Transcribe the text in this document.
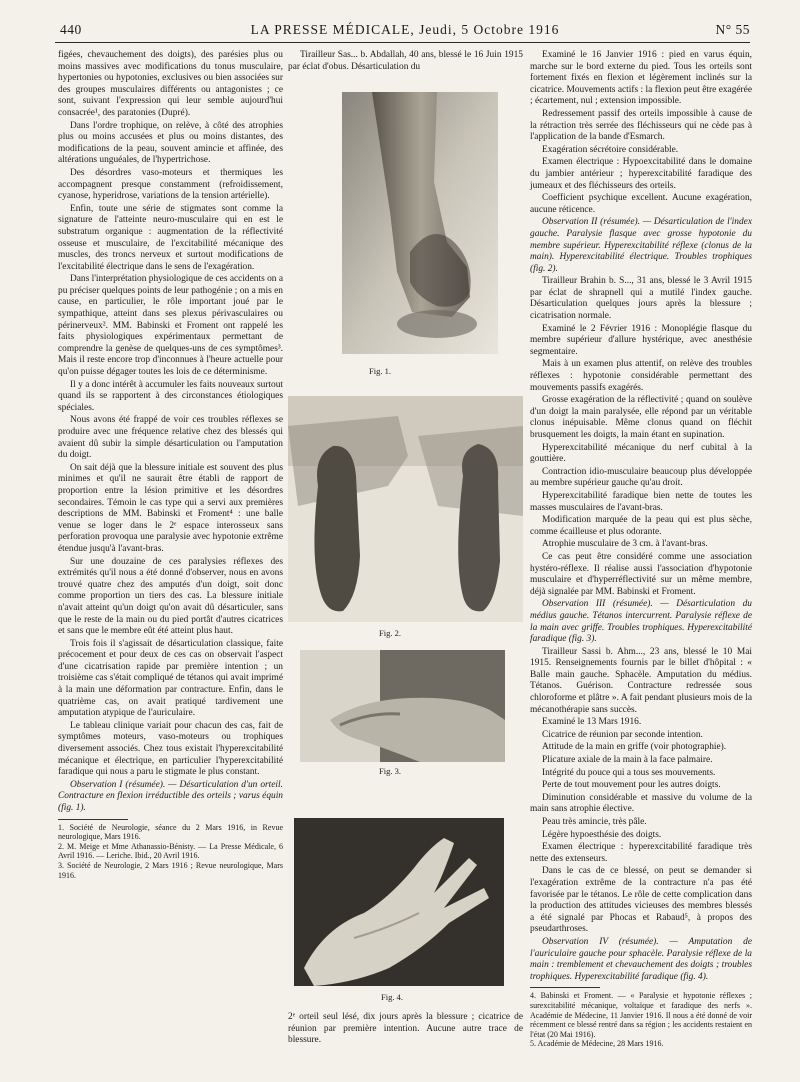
440	LA PRESSE MÉDICALE, Jeudi, 5 Octobre 1916	N° 55

figées, chevauchement des doigts), des parésies plus ou moins massives avec modifications du tonus musculaire, hypertonies ou hypotonies, exclusives ou bien associées sur des groupes musculaires différents ou antagonistes ; ce sont, suivant l'expression qui leur semble aujourd'hui consacrée¹, des paratonies (Dupré).

Dans l'ordre trophique, on relève, à côté des atrophies plus ou moins accusées et plus ou moins distantes, des modifications de la peau, souvent amincie et affinée, des altérations unguéales, de l'hypertrichose.

Des désordres vaso-moteurs et thermiques les accompagnent presque constamment (refroidissement, cyanose, hyperidrose, variations de la tension artérielle).

Enfin, toute une série de stigmates sont comme la signature de l'atteinte neuro-musculaire qui en est le substratum organique : augmentation de la réflectivité osseuse et musculaire, de l'excitabilité mécanique des muscles, des troncs nerveux et surtout modifications de l'excitabilité électrique dans le sens de l'exagération.

Dans l'interprétation physiologique de ces accidents on a pu préciser quelques points de leur pathogénie ; on a mis en cause, en particulier, le rôle important joué par le sympathique, atteint dans ses plexus périvasculaires ou périnerveux². MM. Babinski et Froment ont rappelé les faits physiologiques expérimentaux permettant de comprendre la genèse de quelques-uns de ces symptômes³. Mais il reste encore trop d'inconnues à l'heure actuelle pour qu'on puisse dégager toutes les lois de ce déterminisme.

Il y a donc intérêt à accumuler les faits nouveaux surtout quand ils se rapportent à des circonstances étiologiques spéciales.

Nous avons été frappé de voir ces troubles réflexes se produire avec une fréquence relative chez des blessés qui avaient dû subir la simple désarticulation ou l'amputation du doigt.

On sait déjà que la blessure initiale est souvent des plus minimes et qu'il ne saurait être établi de rapport de proportion entre la lésion primitive et les désordres secondaires. Témoin le cas type qui a servi aux premières descriptions de MM. Babinski et Froment⁴ : une balle venue se loger dans le 2ᵉ espace interosseux sans perforation provoqua une paralysie avec hypotonie extrême étendue jusqu'à l'avant-bras.

Sur une douzaine de ces paralysies réflexes des extrémités qu'il nous a été donné d'observer, nous en avons trouvé quatre chez des amputés d'un doigt, soit donc comme proportion un tiers des cas. La blessure initiale n'avait atteint qu'un doigt qu'on avait dû désarticuler, sans que le reste de la main ou du pied portât d'autres cicatrices et sans que le membre eût été atteint plus haut.

Trois fois il s'agissait de désarticulation classique, faite précocement et pour deux de ces cas on observait l'aspect d'une cicatrisation rapide par première intention ; un troisième cas s'était compliqué de tétanos qui avait imprimé à la main une déformation par contracture. Enfin, dans le quatrième cas, on avait pratiqué tardivement une amputation atypique de l'auriculaire.

Le tableau clinique variait pour chacun des cas, fait de symptômes moteurs, vaso-moteurs ou trophiques diversement associés. Chez tous existait l'hyperexcitabilité mécanique et électrique, en particulier l'hyperexcitabilité faradique qui nous a paru le stigmate le plus constant.

Observation I (résumée). — Désarticulation d'un orteil. Contracture en flexion irréductible des orteils ; varus équin (fig. 1).

1. Société de Neurologie, séance du 2 Mars 1916, in Revue neurologique, Mars 1916.

2. M. Meige et Mme Athanassio-Bénisty. — La Presse Médicale, 6 Avril 1916. — Leriche. Ibid., 20 Avril 1916.

3. Société de Neurologie, 2 Mars 1916 ; Revue neurologique, Mars 1916.

Tirailleur Sas... b. Abdallah, 40 ans, blessé le 16 Juin 1915 par éclat d'obus. Désarticulation du

Fig. 1.
Fig. 2.
Fig. 3.
Fig. 4.

2ᵉ orteil seul lésé, dix jours après la blessure ; cicatrice de réunion par première intention. Aucune autre trace de blessure.

Examiné le 16 Janvier 1916 : pied en varus équin, marche sur le bord externe du pied. Tous les orteils sont fortement fixés en flexion et légèrement inclinés sur la cicatrice. Mouvements actifs : la flexion peut être exagérée ; écartement, nul ; extension impossible.

Redressement passif des orteils impossible à cause de la rétraction très serrée des fléchisseurs qui ne cède pas à l'application de la bande d'Esmarch.

Exagération sécrétoire considérable.

Examen électrique : Hypoexcitabilité dans le domaine du jambier antérieur ; hyperexcitabilité faradique des jumeaux et des fléchisseurs des orteils.

Coefficient psychique excellent. Aucune exagération, aucune réticence.

Observation II (résumée). — Désarticulation de l'index gauche. Paralysie flasque avec grosse hypotonie du membre supérieur. Hyperexcitabilité réflexe (clonus de la main). Hyperexcitabilité électrique. Troubles trophiques (fig. 2).

Tirailleur Brahin b. S..., 31 ans, blessé le 3 Avril 1915 par éclat de shrapnell qui a mutilé l'index gauche. Désarticulation quelques jours après la blessure ; cicatrisation normale.

Examiné le 2 Février 1916 : Monoplégie flasque du membre supérieur d'allure hystérique, avec anesthésie segmentaire.

Mais à un examen plus attentif, on relève des troubles réflexes : hypotonie considérable permettant des mouvements passifs exagérés.

Grosse exagération de la réflectivité ; quand on soulève d'un doigt la main paralysée, elle répond par un véritable clonus inépuisable. Même clonus quand on fléchit brusquement les doigts, la main étant en supination.

Hyperexcitabilité mécanique du nerf cubital à la gouttière.

Contraction idio-musculaire beaucoup plus développée au membre supérieur gauche qu'au droit.

Hyperexcitabilité faradique bien nette de toutes les masses musculaires de l'avant-bras.

Modification marquée de la peau qui est plus sèche, comme écailleuse et plus odorante.

Atrophie musculaire de 3 cm. à l'avant-bras.

Ce cas peut être considéré comme une association hystéro-réflexe. Il réalise aussi l'association d'hypotonie musculaire et d'hyperréflectivité sur un même membre, déjà signalée par MM. Babinski et Froment.

Observation III (résumée). — Désarticulation du médius gauche. Tétanos intercurrent. Paralysie réflexe de la main avec griffe. Troubles trophiques. Hyperexcitabilité faradique (fig. 3).

Tirailleur Sassi b. Ahm..., 23 ans, blessé le 10 Mai 1915. Renseignements fournis par le billet d'hôpital : « Balle main gauche. Sphacèle. Amputation du médius. Tétanos. Guérison. Contracture redressée sous chloroforme et plâtre ». A fait pendant plusieurs mois de la mécanothérapie sans succès.

Examiné le 13 Mars 1916.

Cicatrice de réunion par seconde intention.

Attitude de la main en griffe (voir photographie).

Plicature axiale de la main à la face palmaire.

Intégrité du pouce qui a tous ses mouvements.

Perte de tout mouvement pour les autres doigts.

Diminution considérable et massive du volume de la main sans atrophie élective.

Peau très amincie, très pâle.

Légère hypoesthésie des doigts.

Examen électrique : hyperexcitabilité faradique très nette des extenseurs.

Dans le cas de ce blessé, on peut se demander si l'exagération extrême de la contracture n'a pas été favorisée par le tétanos. Le rôle de cette complication dans la production des attitudes vicieuses des membres blessés a été signalé par Phocas et Rabaud⁵, à propos des pseudarthroses.

Observation IV (résumée). — Amputation de l'auriculaire gauche pour sphacèle. Paralysie réflexe de la main : tremblement et chevauchement des doigts ; troubles trophiques. Hyperexcitabilité faradique (fig. 4).

4. Babinski et Froment. — « Paralysie et hypotonie réflexes ; surexcitabilité mécanique, voltaïque et faradique des nerfs ». Académie de Médecine, 11 Janvier 1916. Il nous a été donné de voir récemment ce blessé rentré dans sa région ; les accidents restaient en l'état (20 Mai 1916).

5. Académie de Médecine, 28 Mars 1916.
